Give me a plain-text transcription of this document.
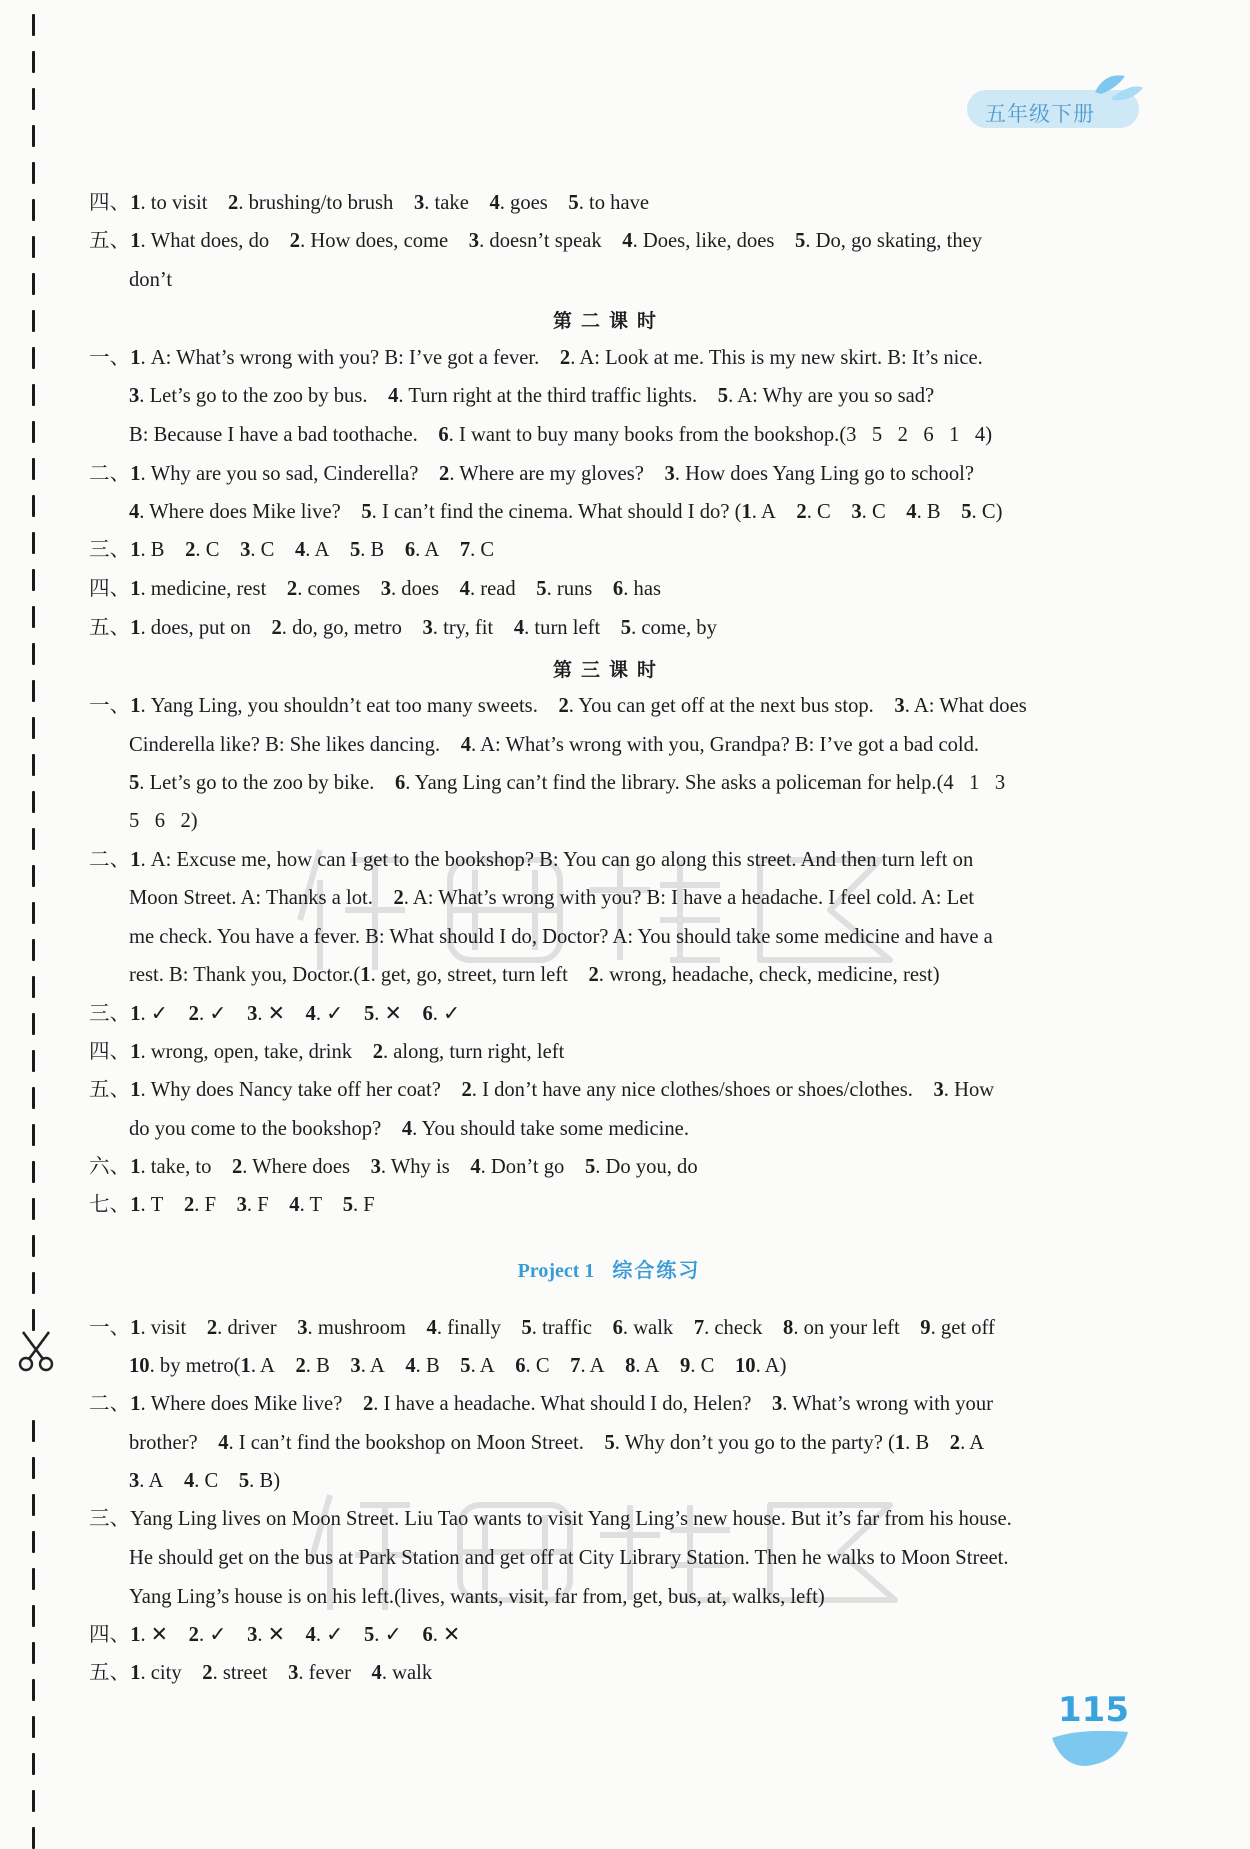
五年级下册
四、1. to visit    2. brushing/to brush    3. take    4. goes    5. to have
五、1. What does, do    2. How does, come    3. doesn’t speak    4. Does, like, does    5. Do, go skating, they
don’t
第二课时
一、1. A: What’s wrong with you? B: I’ve got a fever.    2. A: Look at me. This is my new skirt. B: It’s nice.
3. Let’s go to the zoo by bus.    4. Turn right at the third traffic lights.    5. A: Why are you so sad?
B: Because I have a bad toothache.    6. I want to buy many books from the bookshop.(3   5   2   6   1   4)
二、1. Why are you so sad, Cinderella?    2. Where are my gloves?    3. How does Yang Ling go to school?
4. Where does Mike live?    5. I can’t find the cinema. What should I do? (1. A    2. C    3. C    4. B    5. C)
三、1. B    2. C    3. C    4. A    5. B    6. A    7. C
四、1. medicine, rest    2. comes    3. does    4. read    5. runs    6. has
五、1. does, put on    2. do, go, metro    3. try, fit    4. turn left    5. come, by
第三课时
一、1. Yang Ling, you shouldn’t eat too many sweets.    2. You can get off at the next bus stop.    3. A: What does
Cinderella like? B: She likes dancing.    4. A: What’s wrong with you, Grandpa? B: I’ve got a bad cold.
5. Let’s go to the zoo by bike.    6. Yang Ling can’t find the library. She asks a policeman for help.(4   1   3
5   6   2)
二、1. A: Excuse me, how can I get to the bookshop? B: You can go along this street. And then turn left on
Moon Street. A: Thanks a lot.    2. A: What’s wrong with you? B: I have a headache. I feel cold. A: Let
me check. You have a fever. B: What should I do, Doctor? A: You should take some medicine and have a
rest. B: Thank you, Doctor.(1. get, go, street, turn left    2. wrong, headache, check, medicine, rest)
三、1. ✓    2. ✓    3. ✕    4. ✓    5. ✕    6. ✓
四、1. wrong, open, take, drink    2. along, turn right, left
五、1. Why does Nancy take off her coat?    2. I don’t have any nice clothes/shoes or shoes/clothes.    3. How
do you come to the bookshop?    4. You should take some medicine.
六、1. take, to    2. Where does    3. Why is    4. Don’t go    5. Do you, do
七、1. T    2. F    3. F    4. T    5. F
Project 1 综合练习
一、1. visit    2. driver    3. mushroom    4. finally    5. traffic    6. walk    7. check    8. on your left    9. get off
10. by metro(1. A    2. B    3. A    4. B    5. A    6. C    7. A    8. A    9. C    10. A)
二、1. Where does Mike live?    2. I have a headache. What should I do, Helen?    3. What’s wrong with your
brother?    4. I can’t find the bookshop on Moon Street.    5. Why don’t you go to the party? (1. B    2. A
3. A    4. C    5. B)
三、Yang Ling lives on Moon Street. Liu Tao wants to visit Yang Ling’s new house. But it’s far from his house.
He should get on the bus at Park Station and get off at City Library Station. Then he walks to Moon Street.
Yang Ling’s house is on his left.(lives, wants, visit, far from, get, bus, at, walks, left)
四、1. ✕    2. ✓    3. ✕    4. ✓    5. ✓    6. ✕
五、1. city    2. street    3. fever    4. walk
115
